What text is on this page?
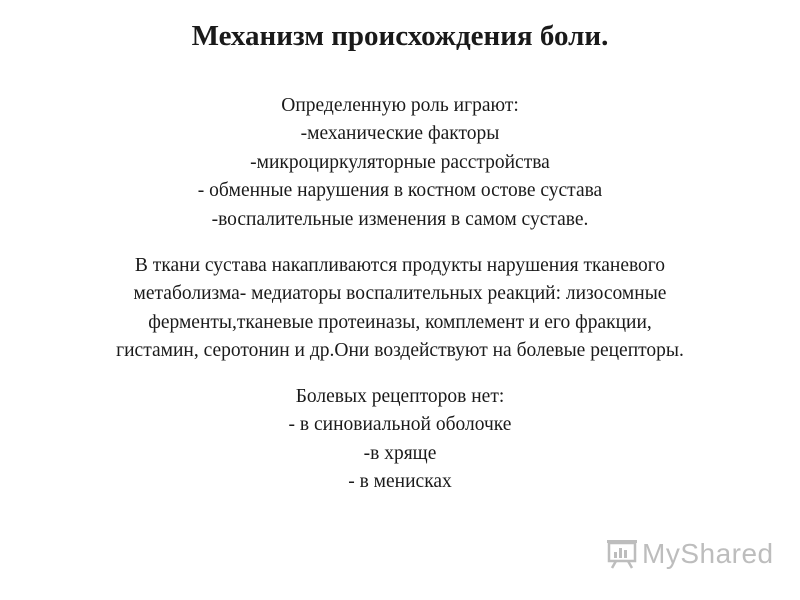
Механизм происхождения боли.

Определенную роль играют:

-механические факторы

-микроциркуляторные расстройства

- обменные нарушения в костном остове сустава

-воспалительные изменения в самом суставе.

В ткани сустава накапливаются продукты нарушения тканевого

метаболизма- медиаторы воспалительных реакций: лизосомные

ферменты,тканевые протеиназы, комплемент и его фракции,

гистамин, серотонин и др.Они воздействуют на болевые рецепторы.

Болевых рецепторов нет:

- в синовиальной оболочке

-в хряще

- в менисках

MyShared
